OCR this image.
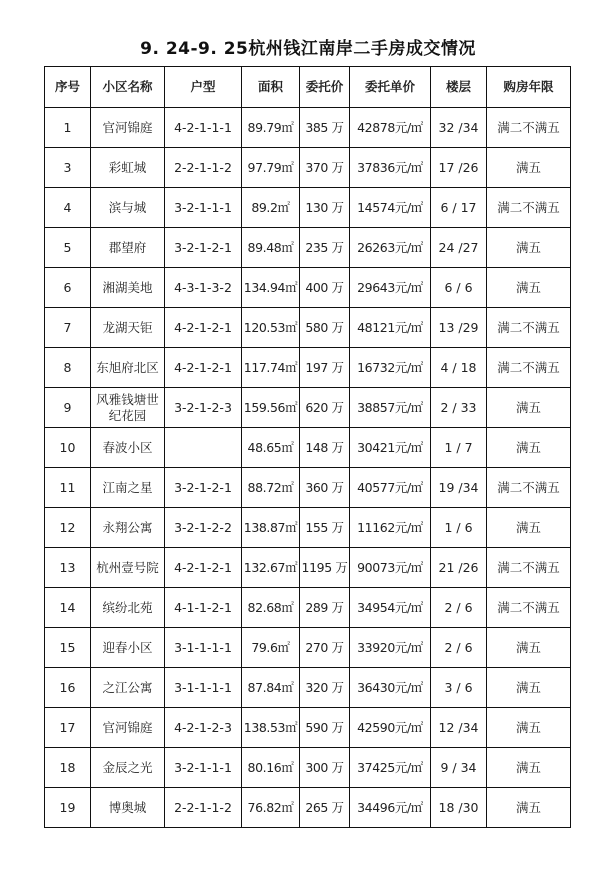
9. 24-9. 25杭州钱江南岸二手房成交情况
序号	小区名称	户型	面积	委托价	委托单价	楼层	购房年限
1	官河锦庭	4-2-1-1-1	89.79㎡	385 万	42878元/㎡	32 /34	满二不满五
3	彩虹城	2-2-1-1-2	97.79㎡	370 万	37836元/㎡	17 /26	满五
4	滨与城	3-2-1-1-1	89.2㎡	130 万	14574元/㎡	6 / 17	满二不满五
5	郡望府	3-2-1-2-1	89.48㎡	235 万	26263元/㎡	24 /27	满五
6	湘湖美地	4-3-1-3-2	134.94㎡	400 万	29643元/㎡	6 / 6	满五
7	龙湖天钜	4-2-1-2-1	120.53㎡	580 万	48121元/㎡	13 /29	满二不满五
8	东旭府北区	4-2-1-2-1	117.74㎡	197 万	16732元/㎡	4 / 18	满二不满五
9	风雅钱塘世纪花园	3-2-1-2-3	159.56㎡	620 万	38857元/㎡	2 / 33	满五
10	春波小区		48.65㎡	148 万	30421元/㎡	1 / 7	满五
11	江南之星	3-2-1-2-1	88.72㎡	360 万	40577元/㎡	19 /34	满二不满五
12	永翔公寓	3-2-1-2-2	138.87㎡	155 万	11162元/㎡	1 / 6	满五
13	杭州壹号院	4-2-1-2-1	132.67㎡	1195 万	90073元/㎡	21 /26	满二不满五
14	缤纷北苑	4-1-1-2-1	82.68㎡	289 万	34954元/㎡	2 / 6	满二不满五
15	迎春小区	3-1-1-1-1	79.6㎡	270 万	33920元/㎡	2 / 6	满五
16	之江公寓	3-1-1-1-1	87.84㎡	320 万	36430元/㎡	3 / 6	满五
17	官河锦庭	4-2-1-2-3	138.53㎡	590 万	42590元/㎡	12 /34	满五
18	金辰之光	3-2-1-1-1	80.16㎡	300 万	37425元/㎡	9 / 34	满五
19	博奥城	2-2-1-1-2	76.82㎡	265 万	34496元/㎡	18 /30	满五
